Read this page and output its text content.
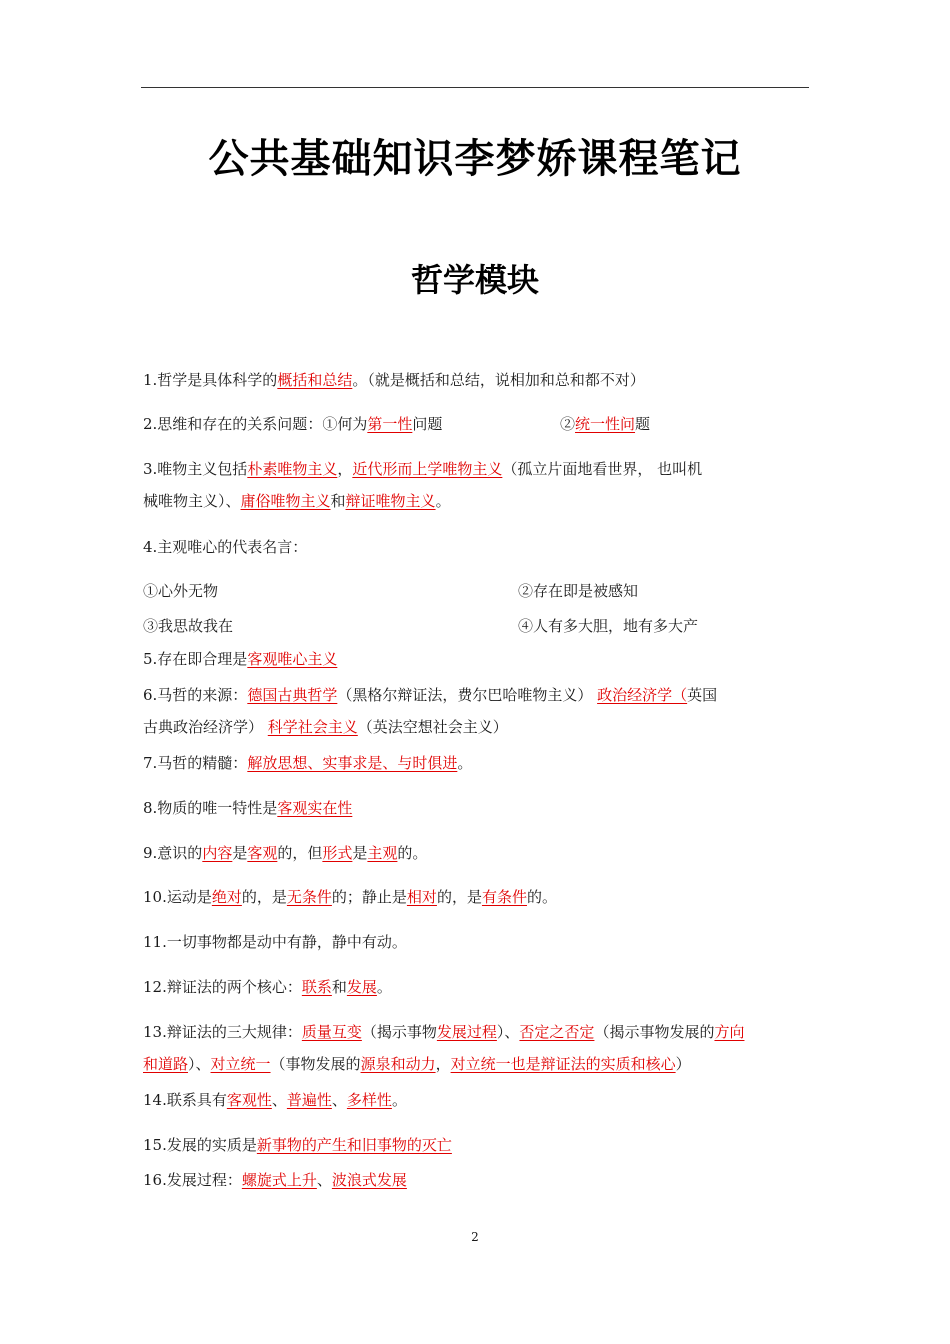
公共基础知识李梦娇课程笔记
哲学模块
1.哲学是具体科学的概括和总结。（就是概括和总结，说相加和总和都不对）
2.思维和存在的关系问题：①何为第一性问题	②统一性问题
3.唯物主义包括朴素唯物主义，近代形而上学唯物主义（孤立片面地看世界， 也叫机
械唯物主义）、庸俗唯物主义和辩证唯物主义。
4.主观唯心的代表名言：
①心外无物	②存在即是被感知
③我思故我在	④人有多大胆，地有多大产
5.存在即合理是客观唯心主义
6.马哲的来源：德国古典哲学（黑格尔辩证法，费尔巴哈唯物主义） 政治经济学（英国
古典政治经济学） 科学社会主义（英法空想社会主义）
7.马哲的精髓：解放思想、实事求是、与时俱进。
8.物质的唯一特性是客观实在性
9.意识的内容是客观的，但形式是主观的。
10.运动是绝对的，是无条件的；静止是相对的，是有条件的。
11.一切事物都是动中有静，静中有动。
12.辩证法的两个核心：联系和发展。
13.辩证法的三大规律：质量互变（揭示事物发展过程）、否定之否定（揭示事物发展的方向
和道路）、对立统一（事物发展的源泉和动力，对立统一也是辩证法的实质和核心）
14.联系具有客观性、普遍性、多样性。
15.发展的实质是新事物的产生和旧事物的灭亡
16.发展过程：螺旋式上升、波浪式发展
2
